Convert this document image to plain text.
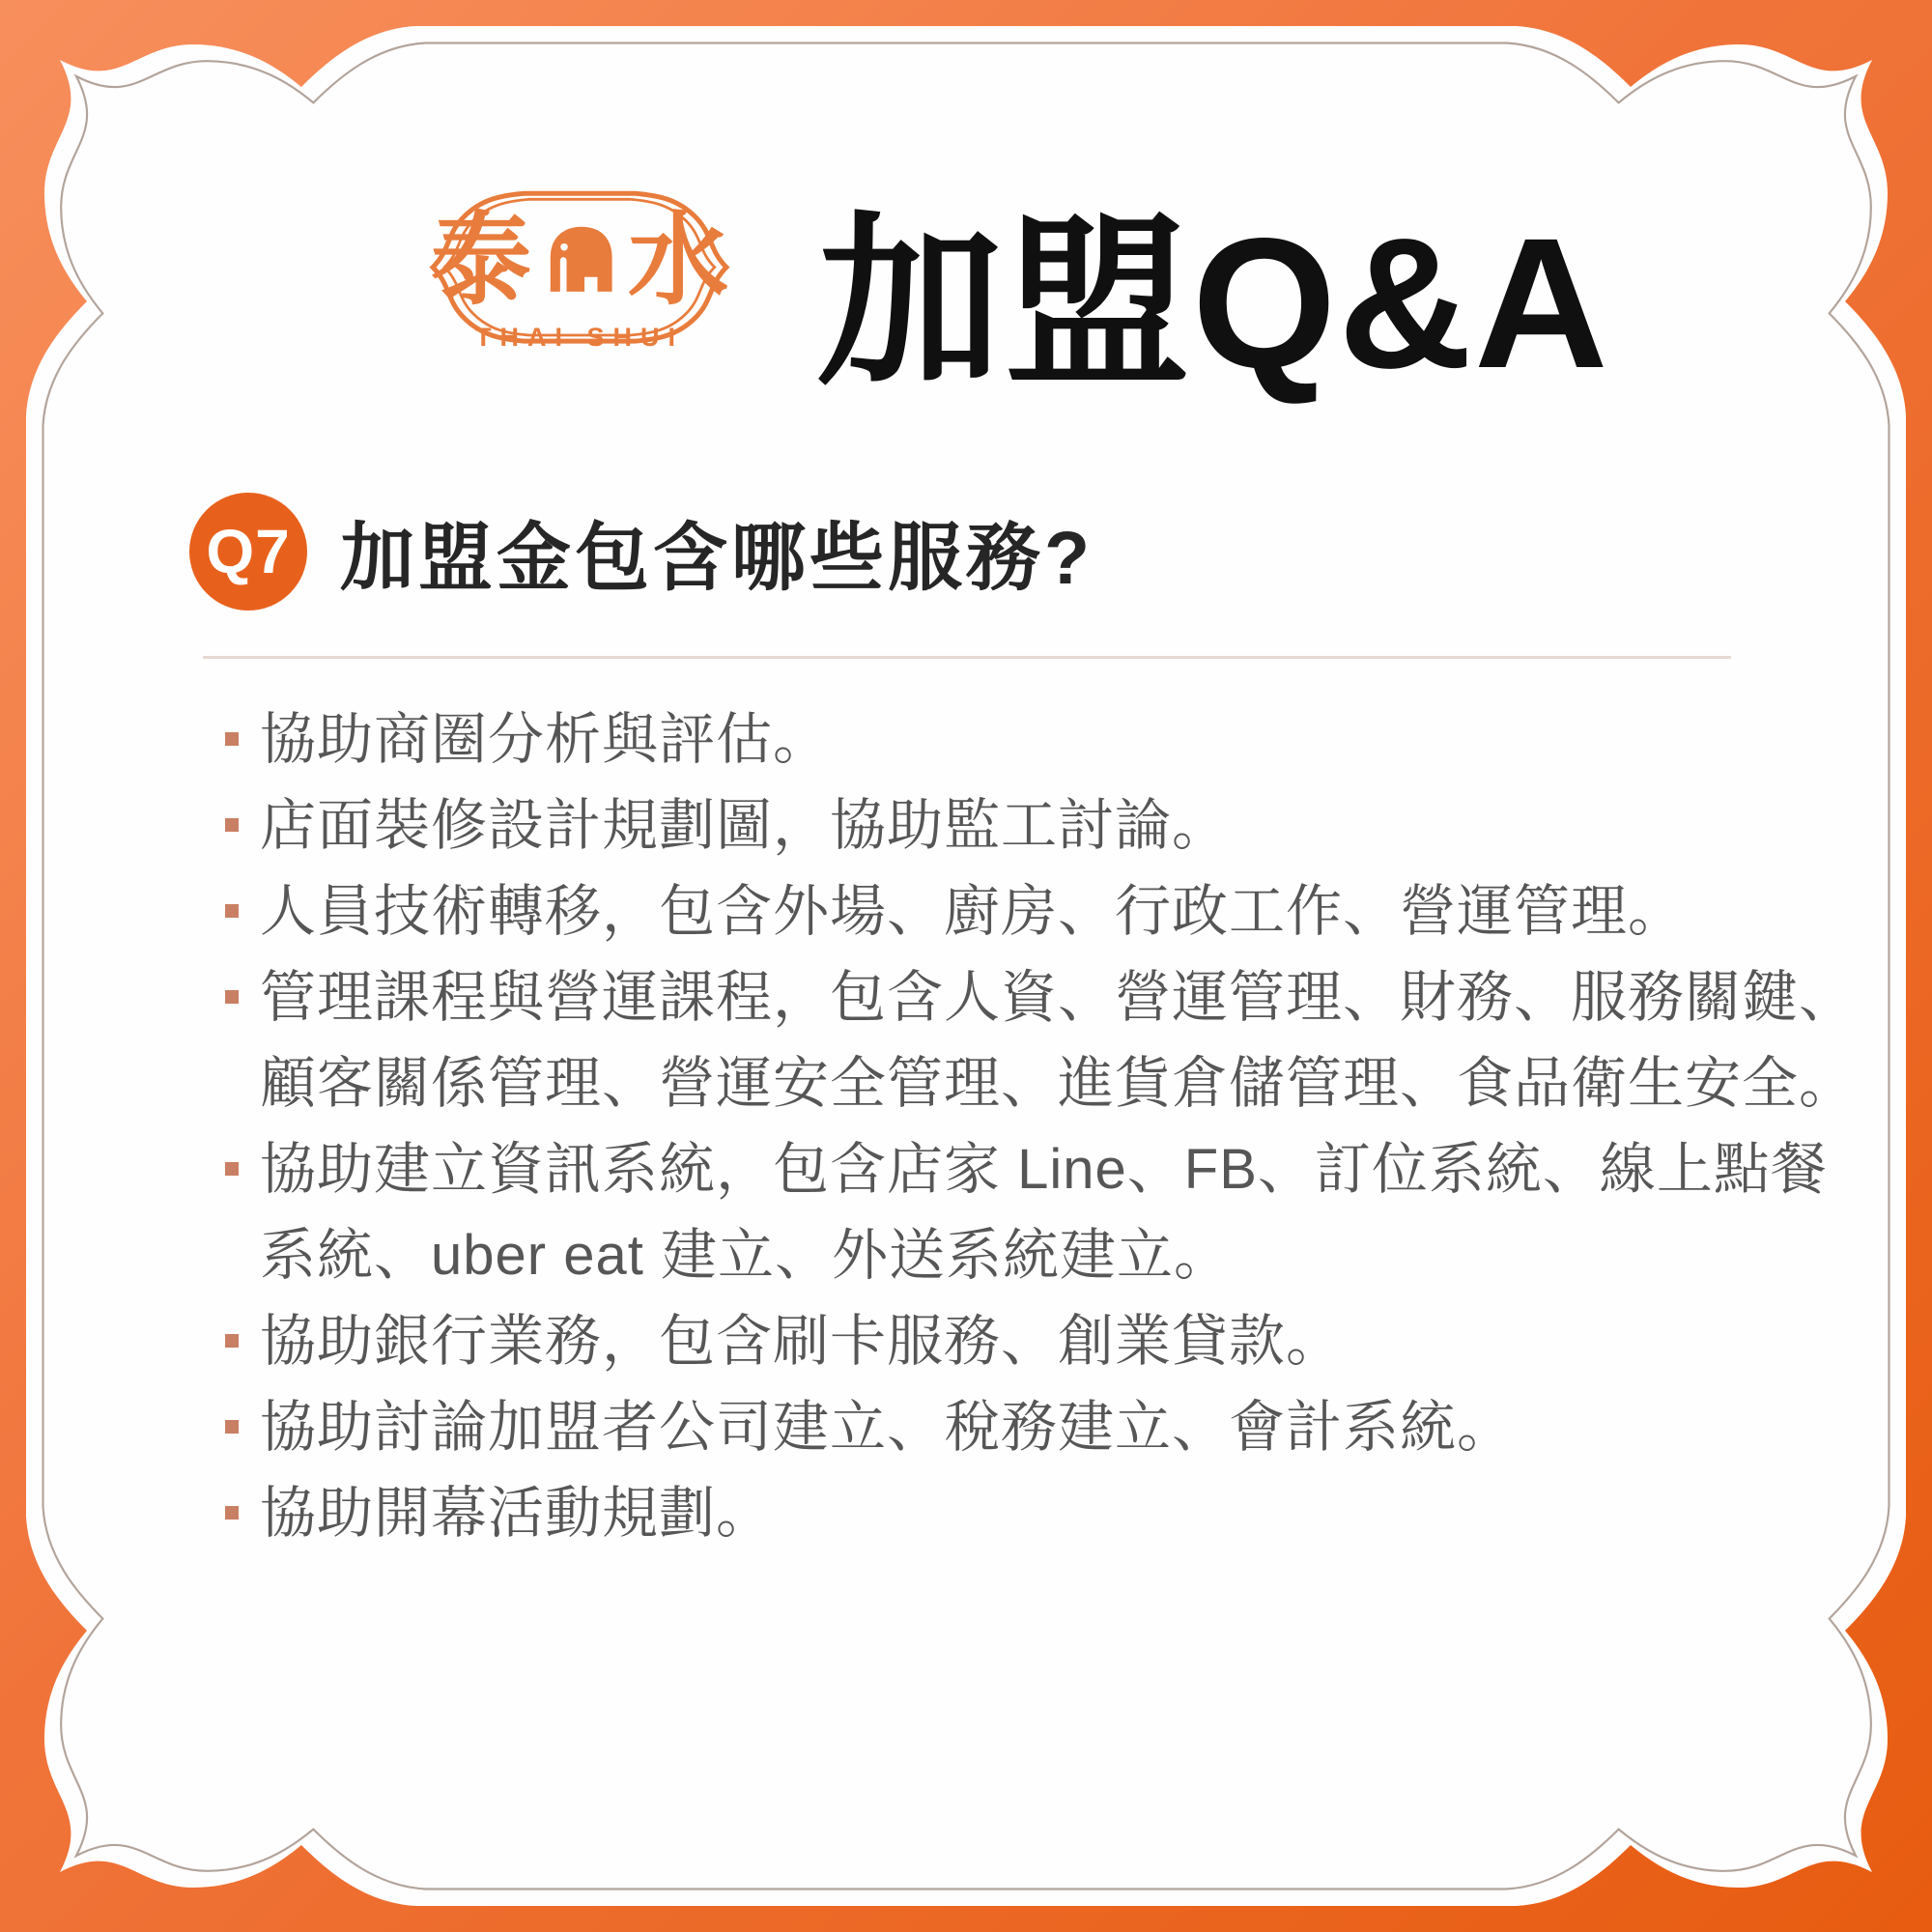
泰 水
THAI SHUI 加盟Q&A
Q7 加盟金包含哪些服務?
協助商圈分析與評估。
店面裝修設計規劃圖，協助監工討論。
人員技術轉移，包含外場、廚房、行政工作、營運管理。
管理課程與營運課程，包含人資、營運管理、財務、服務關鍵、
顧客關係管理、營運安全管理、進貨倉儲管理、食品衛生安全。
協助建立資訊系統，包含店家 Line、FB、訂位系統、線上點餐
系統、uber eat 建立、外送系統建立。
協助銀行業務，包含刷卡服務、創業貸款。
協助討論加盟者公司建立、稅務建立、會計系統。
協助開幕活動規劃。
